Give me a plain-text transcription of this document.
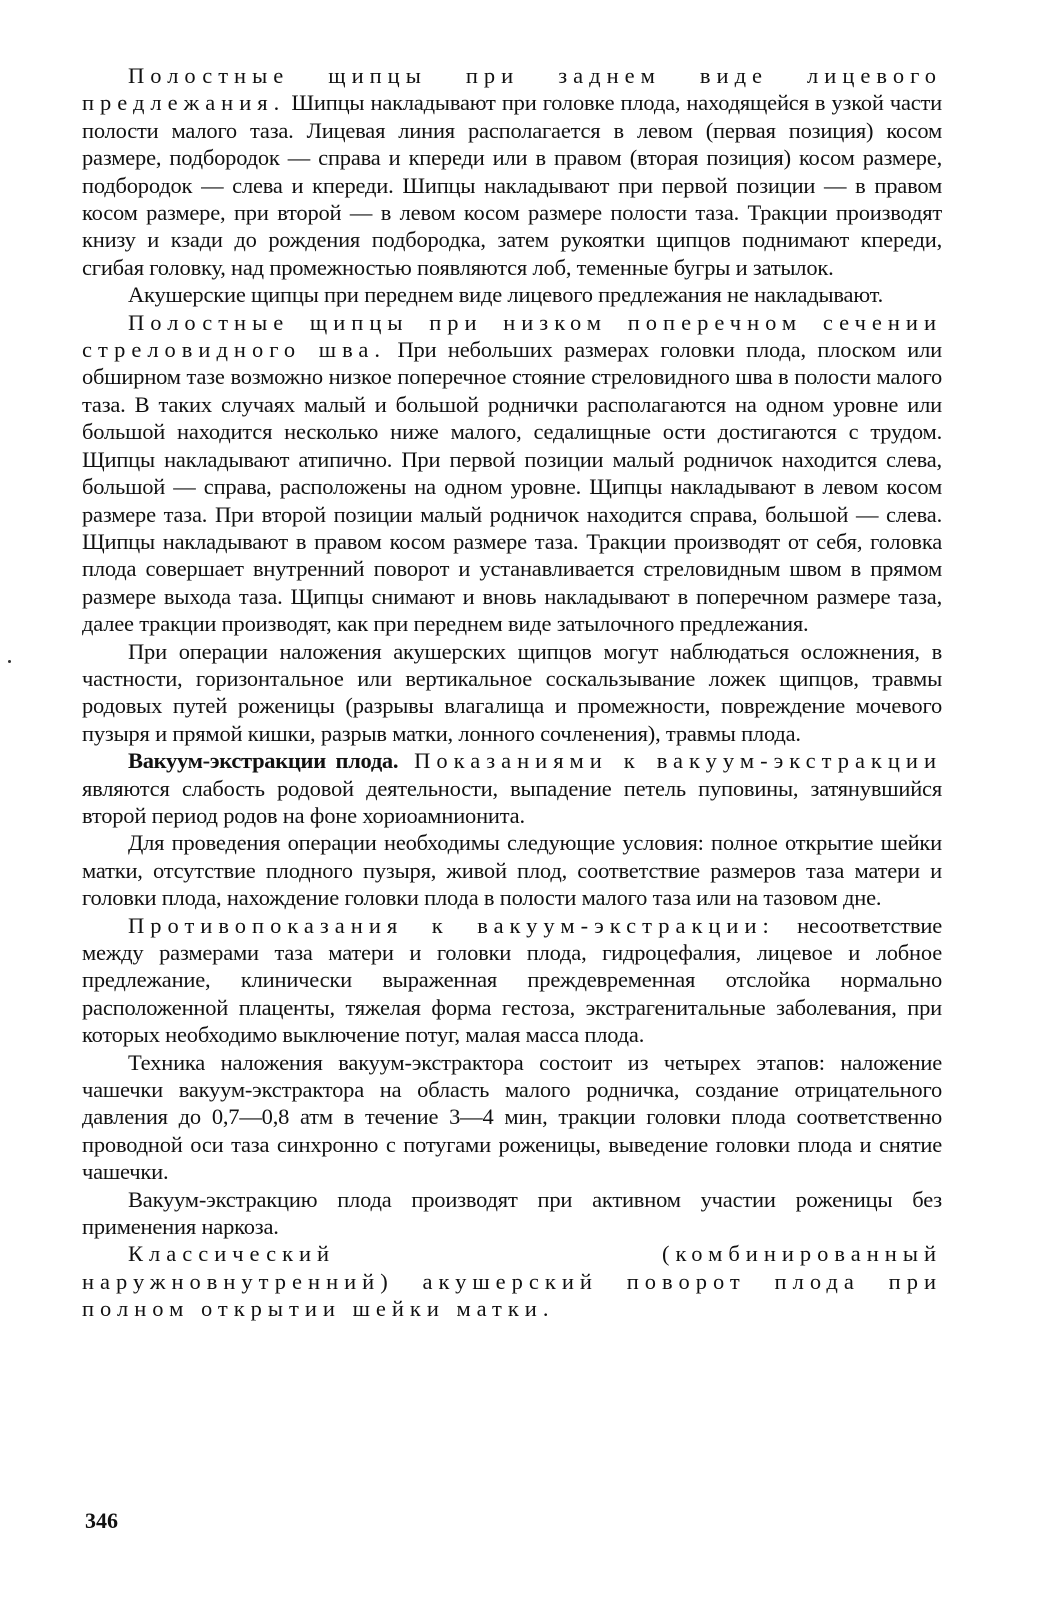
Полостные щипцы при заднем виде лицевого предлежания. Шипцы накладывают при головке плода, находящейся в узкой части полости малого таза. Лицевая линия располагается в левом (первая позиция) косом размере, подбородок — справа и кпереди или в правом (вторая позиция) косом размере, подбородок — слева и кпереди. Шипцы накладывают при первой позиции — в правом косом размере, при второй — в левом косом размере полости таза. Тракции производят книзу и кзади до рождения подбородка, затем рукоятки щипцов поднимают кпереди, сгибая головку, над промежностью появляются лоб, теменные бугры и затылок.

Акушерские щипцы при переднем виде лицевого предлежания не накладывают.

Полостные щипцы при низком поперечном сечении стреловидного шва. При небольших размерах головки плода, плоском или обширном тазе возможно низкое поперечное стояние стреловидного шва в полости малого таза. В таких случаях малый и большой роднички располагаются на одном уровне или большой находится несколько ниже малого, седалищные ости достигаются с трудом. Щипцы накладывают атипично. При первой позиции малый родничок находится слева, большой — справа, расположены на одном уровне. Щипцы накладывают в левом косом размере таза. При второй позиции малый родничок находится справа, большой — слева. Щипцы накладывают в правом косом размере таза. Тракции производят от себя, головка плода совершает внутренний поворот и устанавливается стреловидным швом в прямом размере выхода таза. Щипцы снимают и вновь накладывают в поперечном размере таза, далее тракции производят, как при переднем виде затылочного предлежания.

При операции наложения акушерских щипцов могут наблюдаться осложнения, в частности, горизонтальное или вертикальное соскальзывание ложек щипцов, травмы родовых путей роженицы (разрывы влагалища и промежности, повреждение мочевого пузыря и прямой кишки, разрыв матки, лонного сочленения), травмы плода.

Вакуум-экстракции плода. Показаниями к вакуум-экстракции являются слабость родовой деятельности, выпадение петель пуповины, затянувшийся второй период родов на фоне хориоамнионита.

Для проведения операции необходимы следующие условия: полное открытие шейки матки, отсутствие плодного пузыря, живой плод, соответствие размеров таза матери и головки плода, нахождение головки плода в полости малого таза или на тазовом дне.

Противопоказания к вакуум-экстракции: несоответствие между размерами таза матери и головки плода, гидроцефалия, лицевое и лобное предлежание, клинически выраженная преждевременная отслойка нормально расположенной плаценты, тяжелая форма гестоза, экстрагенитальные заболевания, при которых необходимо выключение потуг, малая масса плода.

Техника наложения вакуум-экстрактора состоит из четырех этапов: наложение чашечки вакуум-экстрактора на область малого родничка, создание отрицательного давления до 0,7—0,8 атм в течение 3—4 мин, тракции головки плода соответственно проводной оси таза синхронно с потугами роженицы, выведение головки плода и снятие чашечки.

Вакуум-экстракцию плода производят при активном участии роженицы без применения наркоза.

Классический (комбинированный наружновнутренний) акушерский поворот плода при полном открытии шейки матки.

346
